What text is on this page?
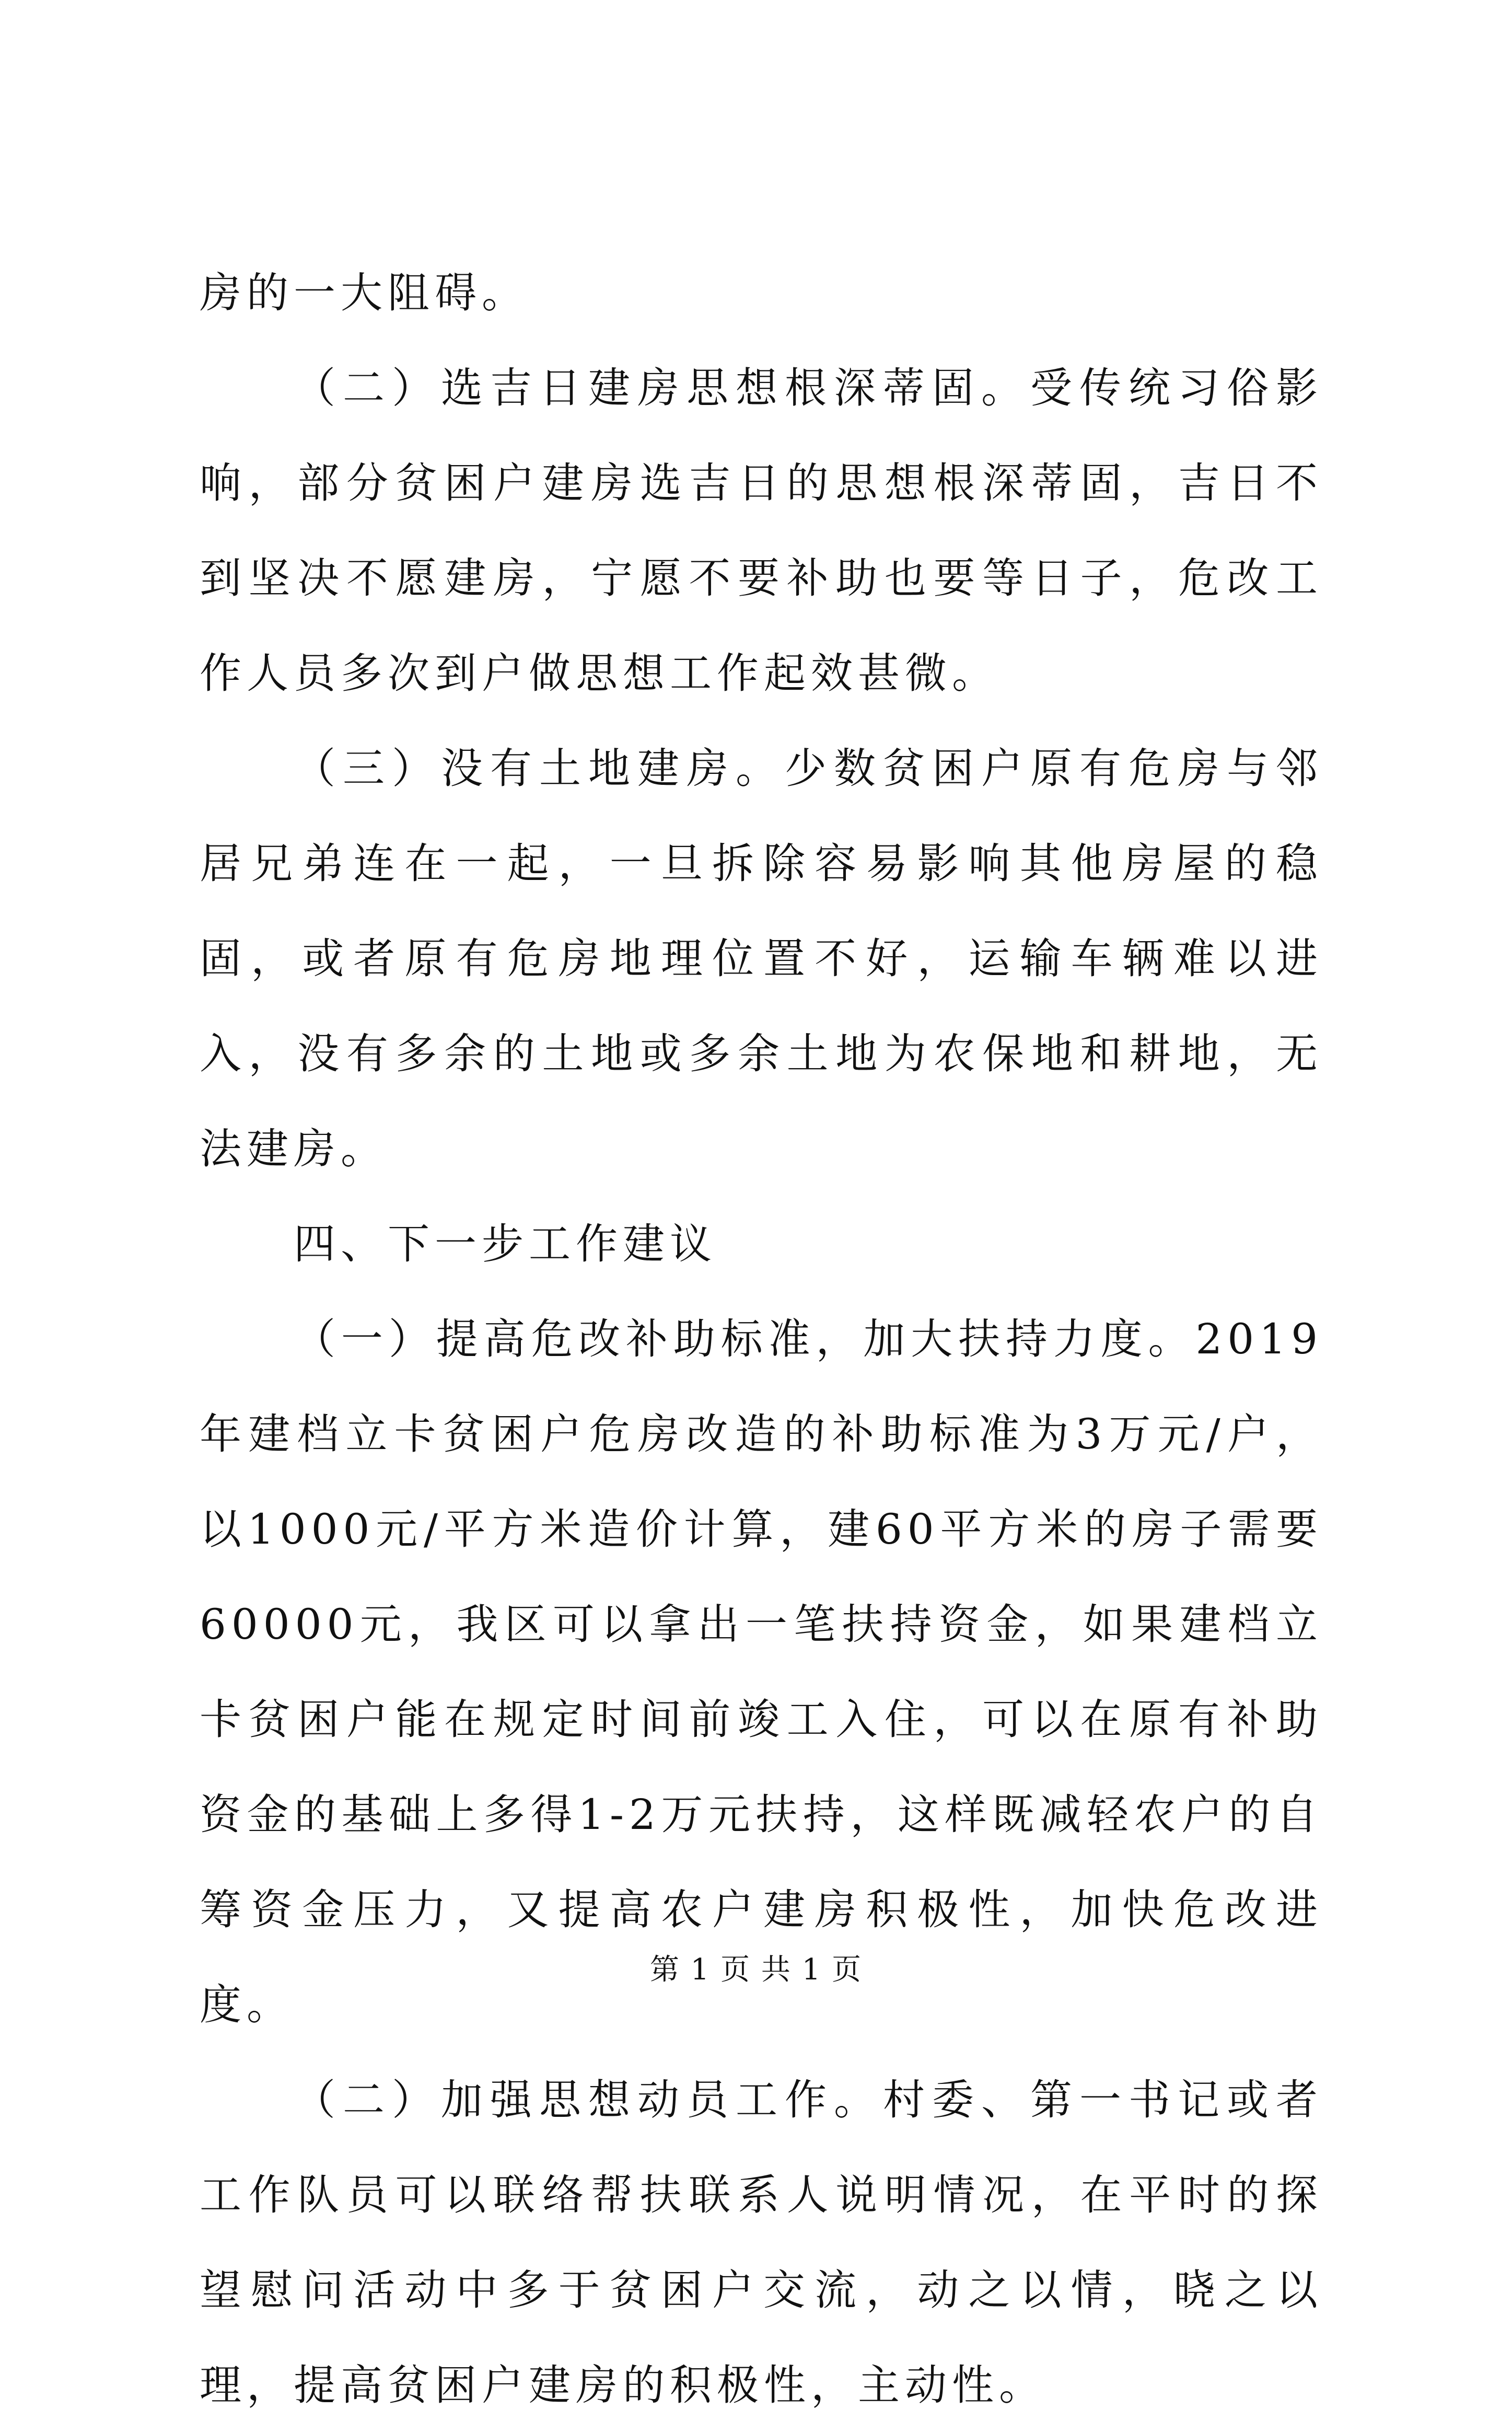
房的一大阻碍。

（二）选吉日建房思想根深蒂固。受传统习俗影响，部分贫困户建房选吉日的思想根深蒂固，吉日不到坚决不愿建房，宁愿不要补助也要等日子，危改工作人员多次到户做思想工作起效甚微。

（三）没有土地建房。少数贫困户原有危房与邻居兄弟连在一起，一旦拆除容易影响其他房屋的稳固，或者原有危房地理位置不好，运输车辆难以进入，没有多余的土地或多余土地为农保地和耕地，无法建房。

四、下一步工作建议

（一）提高危改补助标准，加大扶持力度。2019年建档立卡贫困户危房改造的补助标准为3万元/户，以1000元/平方米造价计算，建60平方米的房子需要60000元，我区可以拿出一笔扶持资金，如果建档立卡贫困户能在规定时间前竣工入住，可以在原有补助资金的基础上多得1-2万元扶持，这样既减轻农户的自筹资金压力，又提高农户建房积极性，加快危改进度。

（二）加强思想动员工作。村委、第一书记或者工作队员可以联络帮扶联系人说明情况，在平时的探望慰问活动中多于贫困户交流，动之以情，晓之以理，提高贫困户建房的积极性，主动性。

第 1 页 共 1 页
